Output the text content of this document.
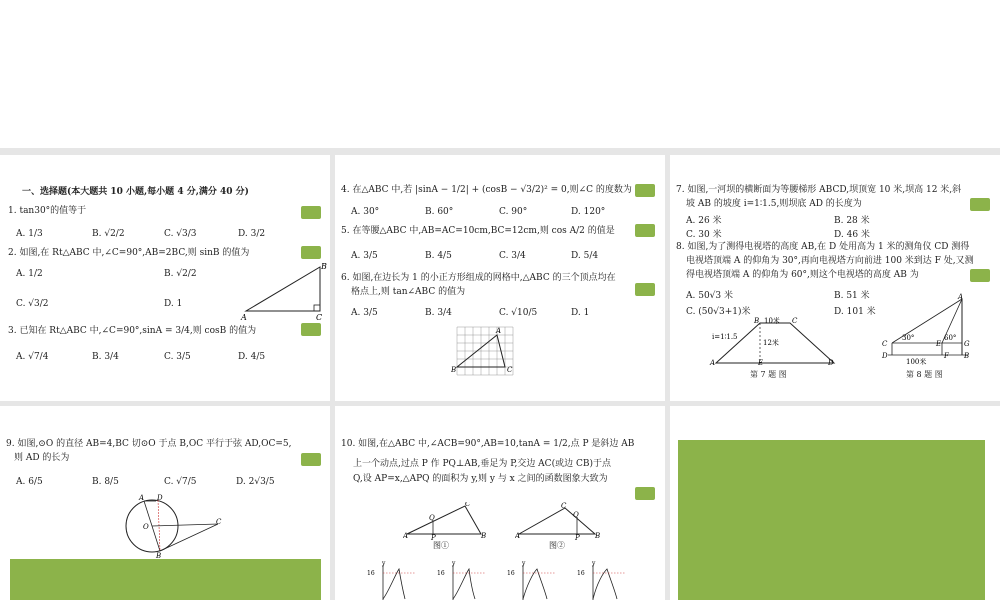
一、选择题(本大题共 10 小题,每小题 4 分,满分 40 分)
1. tan30°的值等于
A. 1/3	B. √2/2	C. √3/3	D. 3/2
2. 如图,在 Rt△ABC 中,∠C=90°,AB=2BC,则 sinB 的值为
A. 1/2	B. √2/2
C. √3/2	D. 1
A	C
B
3. 已知在 Rt△ABC 中,∠C=90°,sinA = 3/4,则 cosB 的值为
A. √7/4	B. 3/4	C. 3/5	D. 4/5
4. 在△ABC 中,若 |sinA − 1/2| + (cosB − √3/2)² = 0,则∠C 的度数为
A. 30°	B. 60°	C. 90°	D. 120°
5. 在等腰△ABC 中,AB=AC=10cm,BC=12cm,则 cos A/2 的值是
A. 3/5	B. 4/5	C. 3/4	D. 5/4
6. 如图,在边长为 1 的小正方形组成的网格中,△ABC 的三个顶点均在
格点上,则 tan∠ABC 的值为
A. 3/5	B. 3/4	C. √10/5	D. 1
B
A
C
7. 如图,一河坝的横断面为等腰梯形 ABCD,坝顶宽 10 米,坝高 12 米,斜
坡 AB 的坡度 i=1∶1.5,则坝底 AD 的长度为
A. 26 米	B. 28 米
C. 30 米	D. 46 米
8. 如图,为了测得电视塔的高度 AB,在 D 处用高为 1 米的测角仪 CD 测得
电视塔顶端 A 的仰角为 30°,再向电视塔方向前进 100 米到达 F 处,又测
得电视塔顶端 A 的仰角为 60°,则这个电视塔的高度 AB 为
A. 50√3 米	B. 51 米
C. (50√3+1)米	D. 101 米
10米
12米
i=1∶1.5
B	C
A	D
E
第 7 题 图
30°	60°
100米
A
G
B
C
D
E
F
第 8 题 图
9. 如图,⊙O 的直径 AB=4,BC 切⊙O 于点 B,OC 平行于弦 AD,OC=5,
则 AD 的长为
A. 6/5	B. 8/5	C. √7/5	D. 2√3/5
A D
O
B
C
10. 如图,在△ABC 中,∠ACB=90°,AB=10,tanA = 1/2,点 P 是斜边 AB
上一个动点,过点 P 作 PQ⊥AB,垂足为 P,交边 AC(或边 CB)于点
Q,设 AP=x,△APQ 的面积为 y,则 y 与 x 之间的函数图象大致为
A
Q
P	B
C
图①
A
C
Q
P B
图②
16	16	16	16
y	y	y	y
